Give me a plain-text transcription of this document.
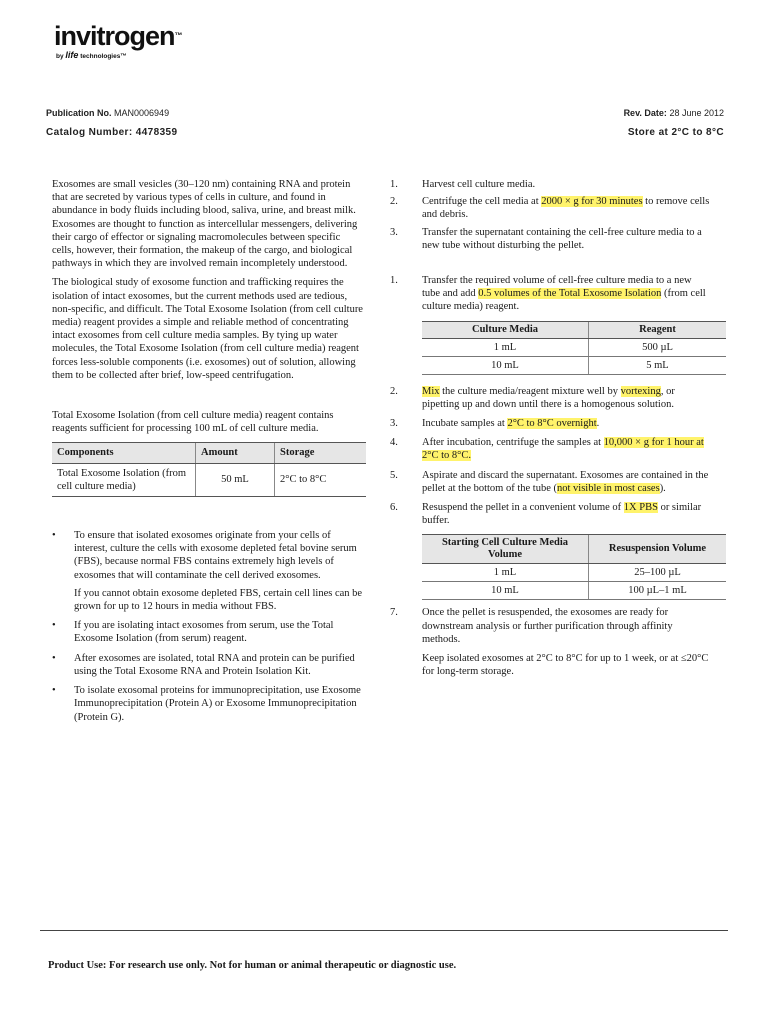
invitrogen™
by life technologies™
Publication No. MAN0006949	Rev. Date: 28 June 2012
Catalog Number: 4478359	Store at 2°C to 8°C

Exosomes are small vesicles (30–120 nm) containing RNA and protein that are secreted by various types of cells in culture, and found in abundance in body fluids including blood, saliva, urine, and breast milk. Exosomes are thought to function as intercellular messengers, delivering their cargo of effector or signaling macromolecules between specific cells, however, their formation, the makeup of the cargo, and biological pathways in which they are involved remain incompletely understood.

The biological study of exosome function and trafficking requires the isolation of intact exosomes, but the current methods used are tedious, non-specific, and difficult. The Total Exosome Isolation (from cell culture media) reagent provides a simple and reliable method of concentrating intact exosomes from cell culture media samples. By tying up water molecules, the Total Exosome Isolation (from cell culture media) reagent forces less-soluble components (i.e. exosomes) out of solution, allowing them to be collected after brief, low-speed centrifugation.

Total Exosome Isolation (from cell culture media) reagent contains reagents sufficient for processing 100 mL of cell culture media.

Components	Amount	Storage
Total Exosome Isolation (from cell culture media)	50 mL	2°C to 8°C
• To ensure that isolated exosomes originate from your cells of interest, culture the cells with exosome depleted fetal bovine serum (FBS), because normal FBS contains extremely high levels of exosomes that will contaminate the cell derived exosomes.

If you cannot obtain exosome depleted FBS, certain cell lines can be grown for up to 12 hours in media without FBS.

• If you are isolating intact exosomes from serum, use the Total Exosome Isolation (from serum) reagent.

• After exosomes are isolated, total RNA and protein can be purified using the Total Exosome RNA and Protein Isolation Kit.

• To isolate exosomal proteins for immunoprecipitation, use Exosome Immunoprecipitation (Protein A) or Exosome Immunoprecipitation (Protein G).

1. Harvest cell culture media.
2. Centrifuge the cell media at 2000 × g for 30 minutes to remove cells and debris.
3. Transfer the supernatant containing the cell-free culture media to a new tube without disturbing the pellet.
1. Transfer the required volume of cell-free culture media to a new tube and add 0.5 volumes of the Total Exosome Isolation (from cell culture media) reagent.
Culture Media	Reagent
1 mL	500 µL
10 mL	5 mL
2. Mix the culture media/reagent mixture well by vortexing, or pipetting up and down until there is a homogenous solution.
3. Incubate samples at 2°C to 8°C overnight.
4. After incubation, centrifuge the samples at 10,000 × g for 1 hour at 2°C to 8°C.
5. Aspirate and discard the supernatant. Exosomes are contained in the pellet at the bottom of the tube (not visible in most cases).
6. Resuspend the pellet in a convenient volume of 1X PBS or similar buffer.
Starting Cell Culture Media Volume	Resuspension Volume
1 mL	25–100 µL
10 mL	100 µL–1 mL
7. Once the pellet is resuspended, the exosomes are ready for downstream analysis or further purification through affinity methods.

Keep isolated exosomes at 2°C to 8°C for up to 1 week, or at ≤20°C for long-term storage.

Product Use: For research use only. Not for human or animal therapeutic or diagnostic use.
